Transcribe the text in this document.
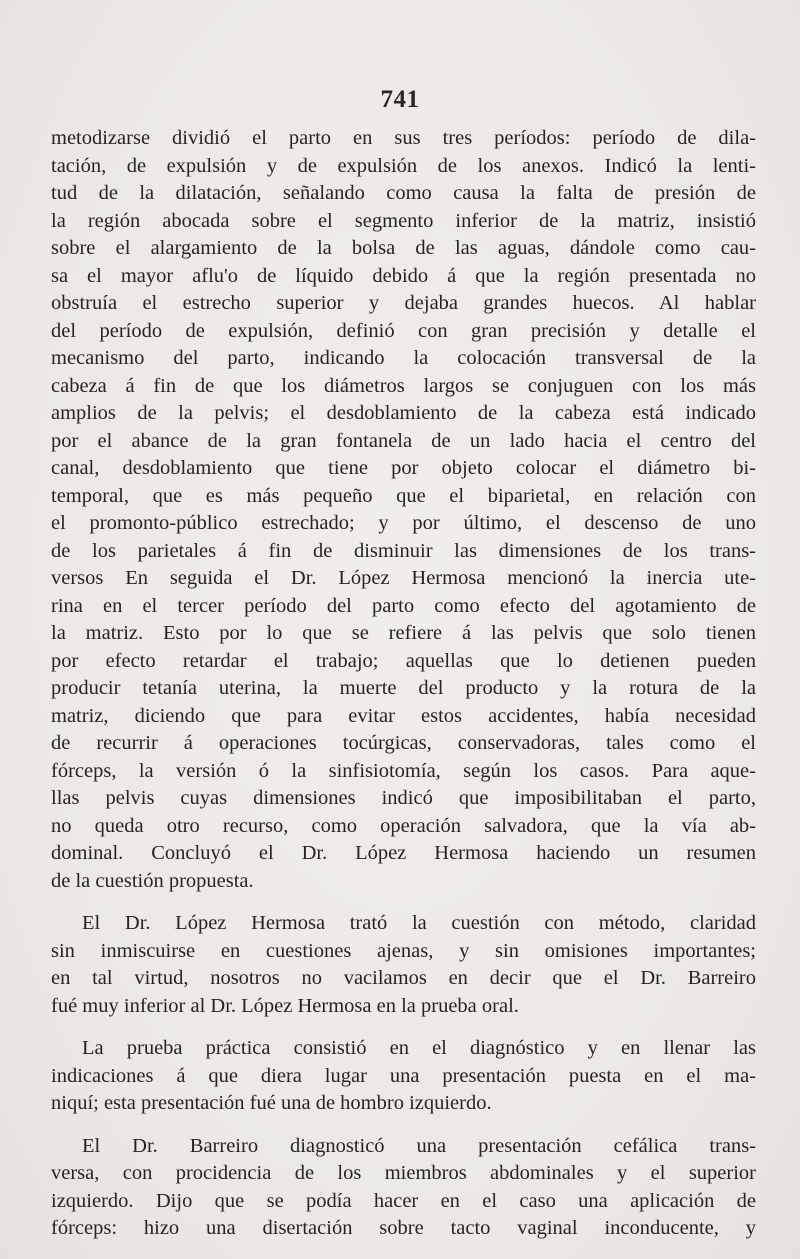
741
metodizarse dividió el parto en sus tres períodos: período de dila-
tación, de expulsión y de expulsión de los anexos. Indicó la lenti-
tud de la dilatación, señalando como causa la falta de presión de
la región abocada sobre el segmento inferior de la matriz, insistió
sobre el alargamiento de la bolsa de las aguas, dándole como cau-
sa el mayor aflu'o de líquido debido á que la región presentada no
obstruía el estrecho superior y dejaba grandes huecos. Al hablar
del período de expulsión, definió con gran precisión y detalle el
mecanismo del parto, indicando la colocación transversal de la
cabeza á fin de que los diámetros largos se conjuguen con los más
amplios de la pelvis; el desdoblamiento de la cabeza está indicado
por el abance de la gran fontanela de un lado hacia el centro del
canal, desdoblamiento que tiene por objeto colocar el diámetro bi-
temporal, que es más pequeño que el biparietal, en relación con
el promonto-público estrechado; y por último, el descenso de uno
de los parietales á fin de disminuir las dimensiones de los trans-
versos En seguida el Dr. López Hermosa mencionó la inercia ute-
rina en el tercer período del parto como efecto del agotamiento de
la matriz. Esto por lo que se refiere á las pelvis que solo tienen
por efecto retardar el trabajo; aquellas que lo detienen pueden
producir tetanía uterina, la muerte del producto y la rotura de la
matriz, diciendo que para evitar estos accidentes, había necesidad
de recurrir á operaciones tocúrgicas, conservadoras, tales como el
fórceps, la versión ó la sinfisiotomía, según los casos. Para aque-
llas pelvis cuyas dimensiones indicó que imposibilitaban el parto,
no queda otro recurso, como operación salvadora, que la vía ab-
dominal. Concluyó el Dr. López Hermosa haciendo un resumen
de la cuestión propuesta.
El Dr. López Hermosa trató la cuestión con método, claridad
sin inmiscuirse en cuestiones ajenas, y sin omisiones importantes;
en tal virtud, nosotros no vacilamos en decir que el Dr. Barreiro
fué muy inferior al Dr. López Hermosa en la prueba oral.
La prueba práctica consistió en el diagnóstico y en llenar las
indicaciones á que diera lugar una presentación puesta en el ma-
niquí; esta presentación fué una de hombro izquierdo.
El Dr. Barreiro diagnosticó una presentación cefálica trans-
versa, con procidencia de los miembros abdominales y el superior
izquierdo. Dijo que se podía hacer en el caso una aplicación de
fórceps: hizo una disertación sobre tacto vaginal inconducente, y
